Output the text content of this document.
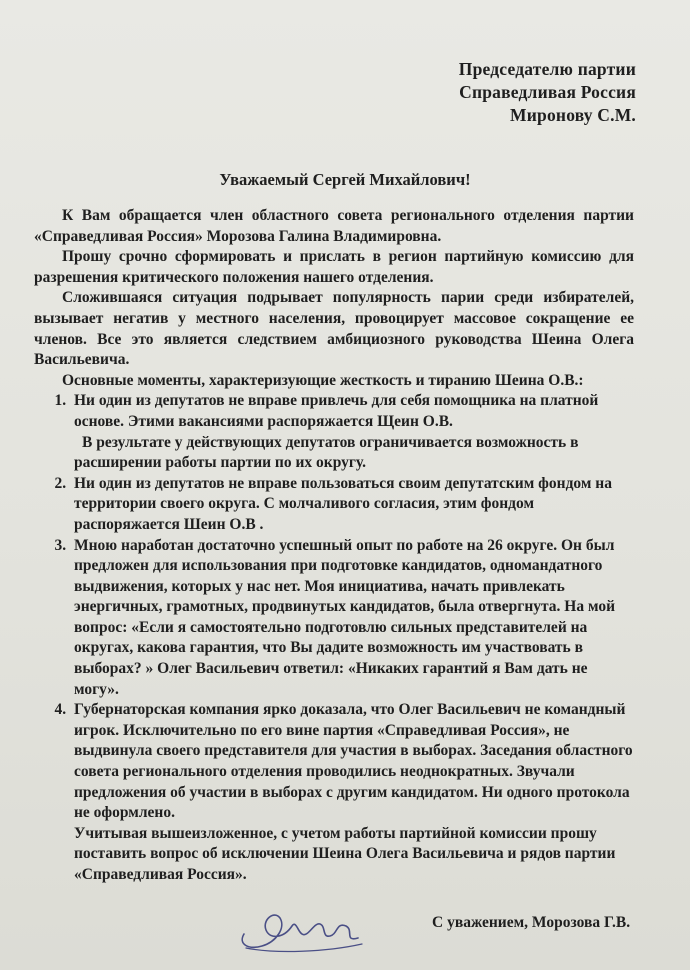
Председателю партии
Справедливая Россия
Миронову С.М.
Уважаемый Сергей Михайлович!

К Вам обращается член областного совета регионального отделения партии «Справедливая Россия» Морозова Галина Владимировна.

Прошу срочно сформировать и прислать в регион партийную комиссию для разрешения критического положения нашего отделения.

Сложившаяся ситуация подрывает популярность парии среди избирателей, вызывает негатив у местного населения, провоцирует массовое сокращение ее членов. Все это является следствием амбициозного руководства Шеина Олега Васильевича.

Основные моменты, характеризующие жесткость и тиранию Шеина О.В.:

1. Ни один из депутатов не вправе привлечь для себя помощника на платной основе. Этими вакансиями распоряжается Щеин О.В.

В результате у действующих депутатов ограничивается возможность в расширении работы партии по их округу.

2. Ни один из депутатов не вправе пользоваться своим депутатским фондом на территории своего округа. С молчаливого согласия, этим фондом распоряжается Шеин О.В .

3. Мною наработан достаточно успешный опыт по работе на 26 округе. Он был предложен для использования при подготовке кандидатов, одномандатного выдвижения, которых у нас нет. Моя инициатива, начать привлекать энергичных, грамотных, продвинутых кандидатов, была отвергнута. На мой вопрос: «Если я самостоятельно подготовлю сильных представителей на округах, какова гарантия, что Вы дадите возможность им участвовать в выборах? » Олег Васильевич ответил: «Никаких гарантий я Вам дать не могу».

4. Губернаторская компания ярко доказала, что Олег Васильевич не командный игрок. Исключительно по его вине партия «Справедливая Россия», не выдвинула своего представителя для участия в выборах. Заседания областного совета регионального отделения проводились неоднократных. Звучали предложения об участии в выборах с другим кандидатом. Ни одного протокола не оформлено.

Учитывая вышеизложенное, с учетом работы партийной комиссии прошу поставить вопрос об исключении Шеина Олега Васильевича и рядов партии «Справедливая Россия».

С уважением, Морозова Г.В.
